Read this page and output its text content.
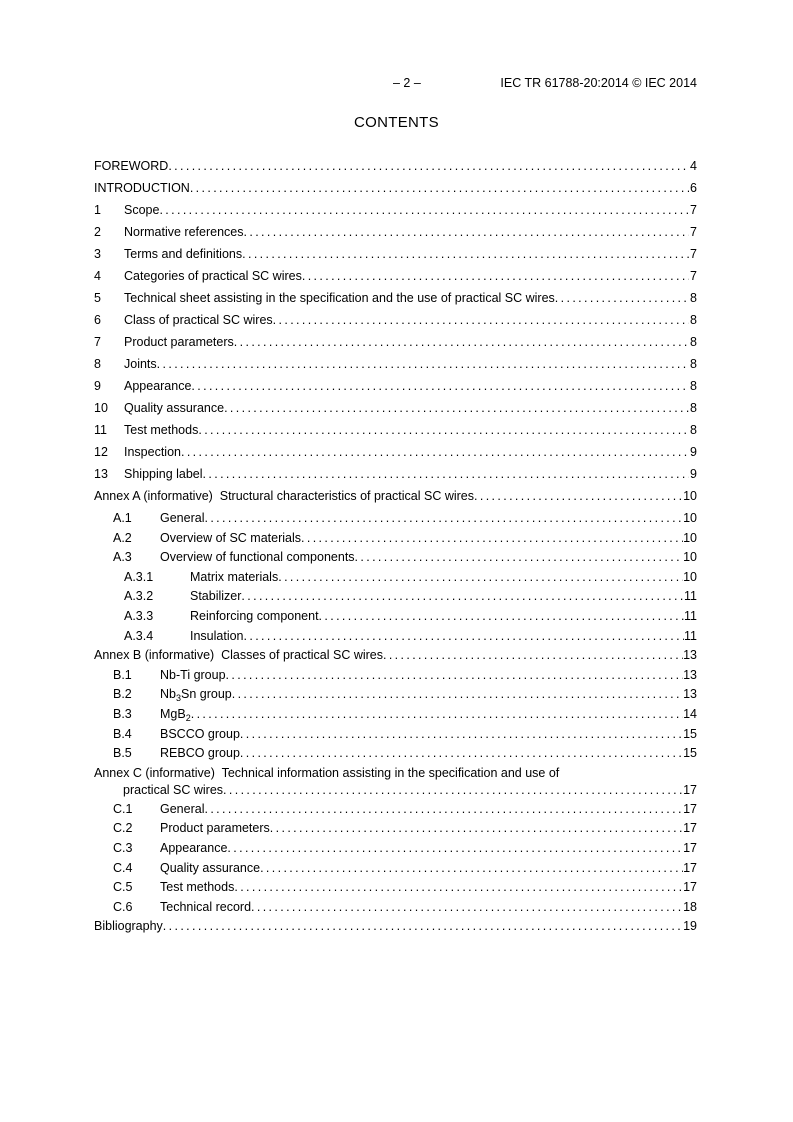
– 2 –	IEC TR 61788-20:2014 © IEC 2014
CONTENTS
FOREWORD . . .	4
INTRODUCTION . . .	6
1	Scope . . .	7
2	Normative references . . .	7
3	Terms and definitions . . .	7
4	Categories of practical SC wires . . .	7
5	Technical sheet assisting in the specification and the use of practical SC wires . . .	8
6	Class of practical SC wires . . .	8
7	Product parameters . . .	8
8	Joints . . .	8
9	Appearance . . .	8
10	Quality assurance . . .	8
11	Test methods . . .	8
12	Inspection . . .	9
13	Shipping label . . .	9
Annex A (informative)  Structural characteristics of practical SC wires . . .	10
A.1	General . . .	10
A.2	Overview of SC materials . . .	10
A.3	Overview of functional components . . .	10
A.3.1	Matrix materials . . .	10
A.3.2	Stabilizer . . .	11
A.3.3	Reinforcing component . . .	11
A.3.4	Insulation . . .	11
Annex B (informative)  Classes of practical SC wires . . .	13
B.1	Nb-Ti group . . .	13
B.2	$Nb_3Sn$ group . . .	13
B.3	MgB$_2$ . . .	14
B.4	BSCCO group . . .	15
B.5	REBCO group . . .	15
Annex C (informative)  Technical information assisting in the specification and use of
practical SC wires . . .	17
C.1	General . . .	17
C.2	Product parameters . . .	17
C.3	Appearance . . .	17
C.4	Quality assurance . . .	17
C.5	Test methods . . .	17
C.6	Technical record . . .	18
Bibliography . . .	19
